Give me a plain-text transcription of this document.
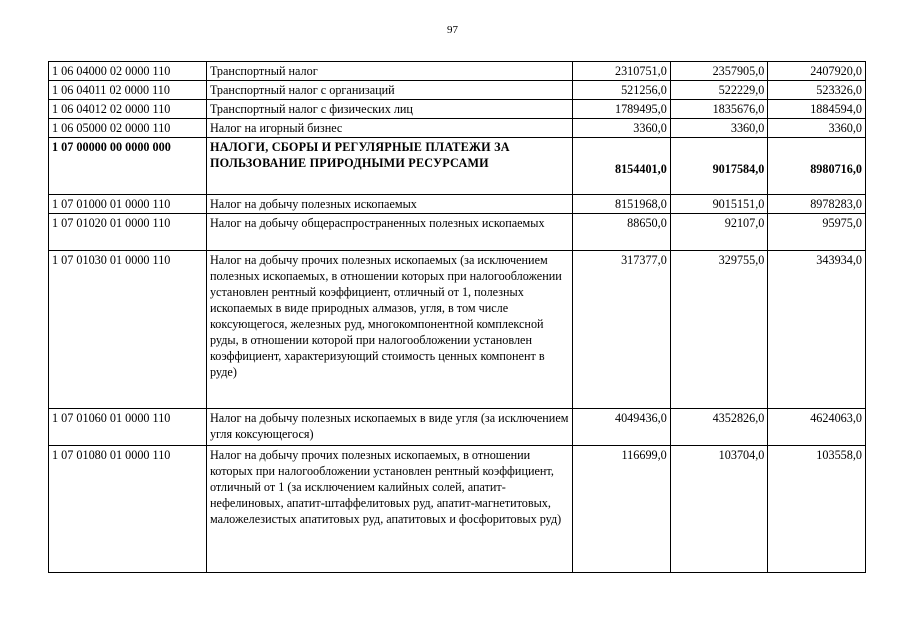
97
1 06 04000 02 0000 110	Транспортный налог	2310751,0	2357905,0	2407920,0
1 06 04011 02 0000 110	Транспортный налог с организаций	521256,0	522229,0	523326,0
1 06 04012 02 0000 110	Транспортный налог с физических лиц	1789495,0	1835676,0	1884594,0
1 06 05000 02 0000 110	Налог на игорный бизнес	3360,0	3360,0	3360,0
1 07 00000 00 0000 000	НАЛОГИ, СБОРЫ И РЕГУЛЯРНЫЕ ПЛАТЕЖИ ЗА ПОЛЬЗОВАНИЕ ПРИРОДНЫМИ РЕСУРСАМИ	8154401,0	9017584,0	8980716,0
1 07 01000 01 0000 110	Налог на добычу полезных ископаемых	8151968,0	9015151,0	8978283,0
1 07 01020 01 0000 110	Налог на добычу общераспространенных полезных ископаемых	88650,0	92107,0	95975,0
1 07 01030 01 0000 110	Налог на добычу прочих полезных ископаемых (за исключением полезных ископаемых, в отношении которых при налогообложении установлен рентный коэффициент, отличный от 1, полезных ископаемых в виде природных алмазов, угля, в том числе коксующегося, железных руд, многокомпонентной комплексной руды, в отношении которой при налогообложении установлен коэффициент, характеризующий стоимость ценных компонент в руде)	317377,0	329755,0	343934,0
1 07 01060 01 0000 110	Налог на добычу полезных ископаемых в виде угля (за исключением угля коксующегося)	4049436,0	4352826,0	4624063,0
1 07 01080 01 0000 110	Налог на добычу прочих полезных ископаемых, в отношении которых при налогообложении установлен рентный коэффициент, отличный от 1 (за исключением калийных солей, апатит-нефелиновых, апатит-штаффелитовых руд, апатит-магнетитовых, маложелезистых апатитовых руд, апатитовых и фосфоритовых руд)	116699,0	103704,0	103558,0
